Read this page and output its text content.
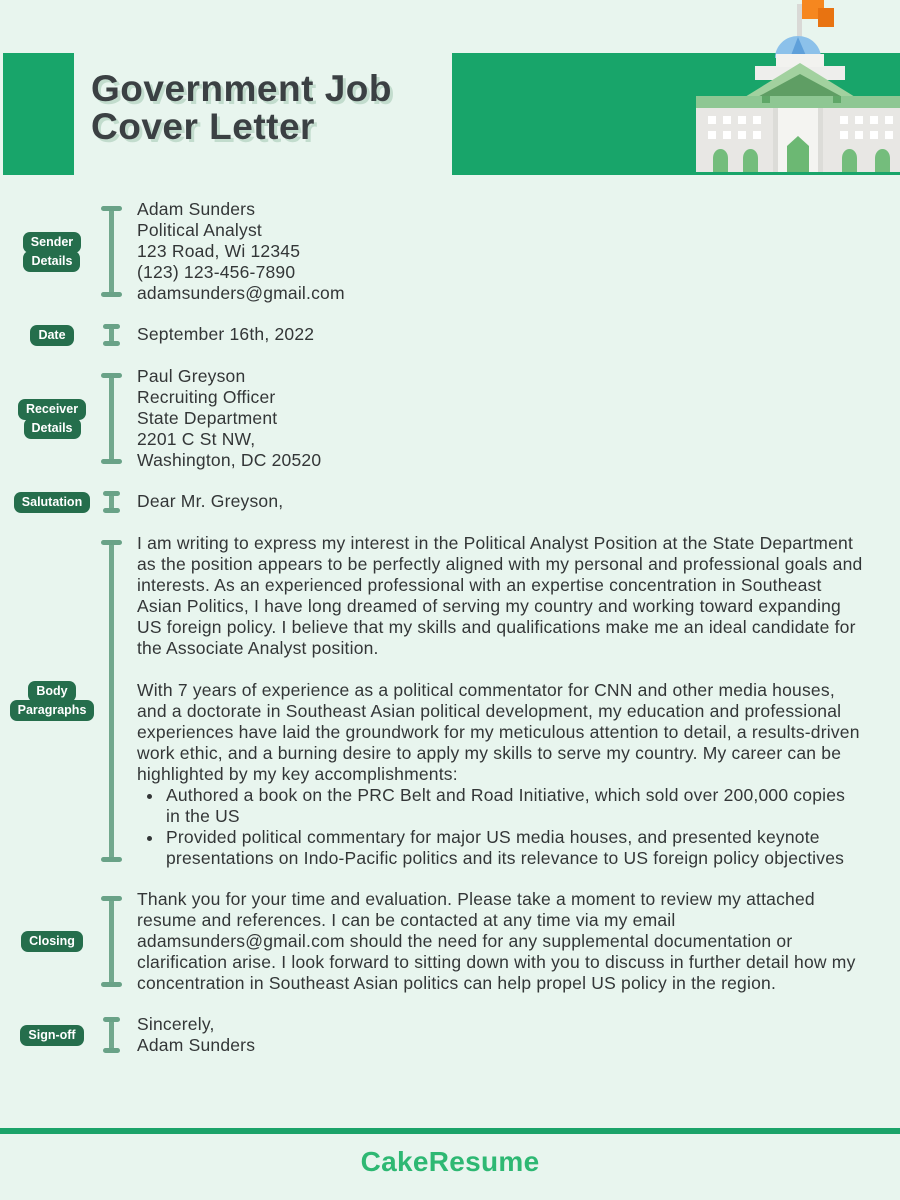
Government Job
Cover Letter
Sender
Details
Adam Sunders
Political Analyst
123 Road, Wi 12345
(123) 123-456-7890
adamsunders@gmail.com
Date	September 16th, 2022
Receiver
Details
Paul Greyson
Recruiting Officer
State Department
2201 C St NW,
Washington, DC 20520
Salutation	Dear Mr. Greyson,
Body
Paragraphs

I am writing to express my interest in the Political Analyst Position at the State Department as the position appears to be perfectly aligned with my personal and professional goals and interests. As an experienced professional with an expertise concentration in Southeast Asian Politics, I have long dreamed of serving my country and working toward expanding US foreign policy. I believe that my skills and qualifications make me an ideal candidate for the Associate Analyst position.

With 7 years of experience as a political commentator for CNN and other media houses, and a doctorate in Southeast Asian political development, my education and professional experiences have laid the groundwork for my meticulous attention to detail, a results-driven work ethic, and a burning desire to apply my skills to serve my country. My career can be highlighted by my key accomplishments:

• Authored a book on the PRC Belt and Road Initiative, which sold over 200,000 copies in the US
• Provided political commentary for major US media houses, and presented keynote presentations on Indo-Pacific politics and its relevance to US foreign policy objectives
Closing

Thank you for your time and evaluation. Please take a moment to review my attached resume and references. I can be contacted at any time via my email adamsunders@gmail.com should the need for any supplemental documentation or clarification arise. I look forward to sitting down with you to discuss in further detail how my concentration in Southeast Asian politics can help propel US policy in the region.

Sign-off
Sincerely,
Adam Sunders
CakeResume
